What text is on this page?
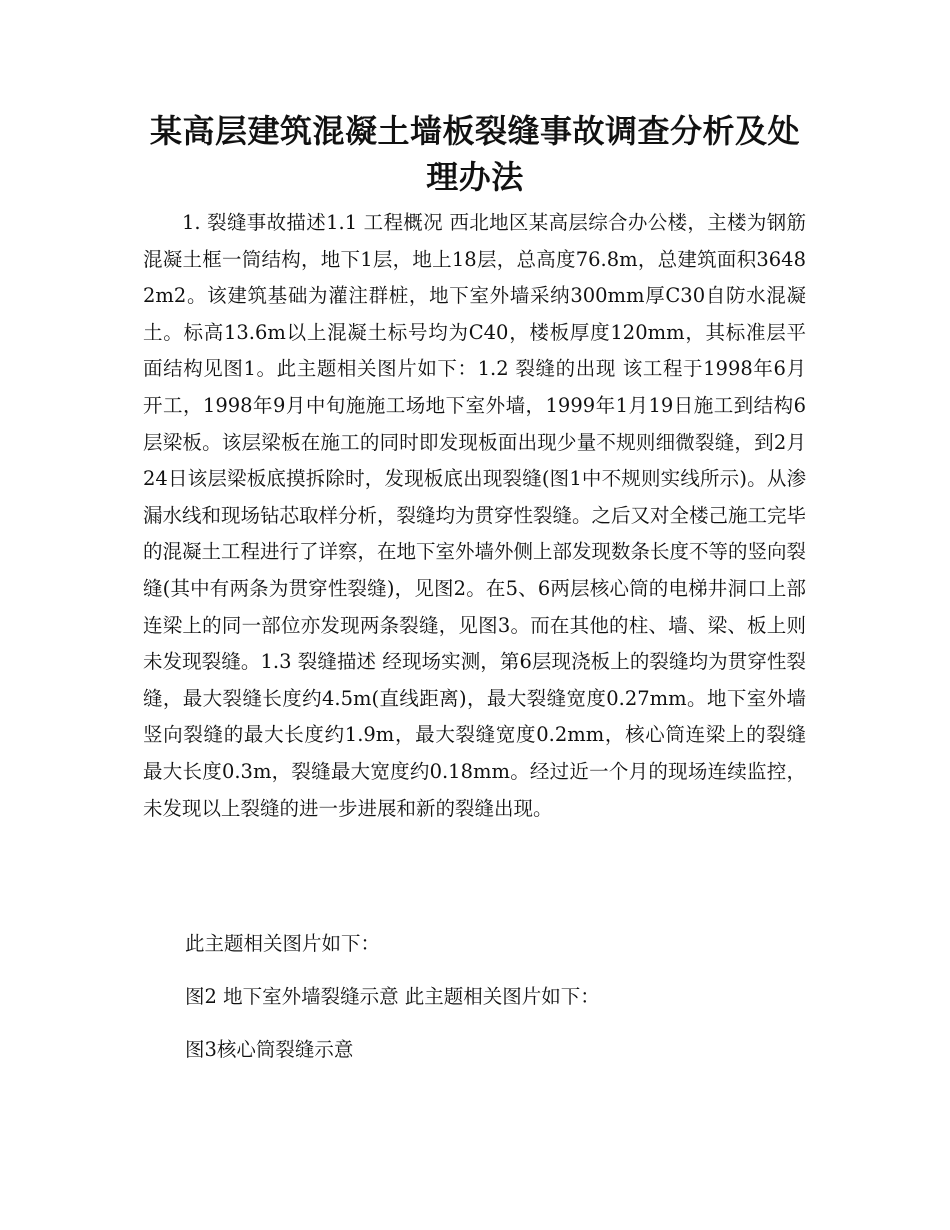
某高层建筑混凝土墙板裂缝事故调查分析及处理办法

1. 裂缝事故描述1.1 工程概况 西北地区某高层综合办公楼，主楼为钢筋混凝土框一筒结构，地下1层，地上18层，总高度76.8m，总建筑面积36482m2。该建筑基础为灌注群桩，地下室外墙采纳300mm厚C30自防水混凝土。标高13.6m以上混凝土标号均为C40，楼板厚度120mm，其标准层平面结构见图1。此主题相关图片如下：1.2 裂缝的出现 该工程于1998年6月开工，1998年9月中旬施施工场地下室外墙，1999年1月19日施工到结构6层梁板。该层梁板在施工的同时即发现板面出现少量不规则细微裂缝，到2月24日该层梁板底摸拆除时，发现板底出现裂缝(图1中不规则实线所示)。从渗漏水线和现场钻芯取样分析，裂缝均为贯穿性裂缝。之后又对全楼己施工完毕的混凝土工程进行了详察，在地下室外墙外侧上部发现数条长度不等的竖向裂缝(其中有两条为贯穿性裂缝)，见图2。在5、6两层核心筒的电梯井洞口上部连梁上的同一部位亦发现两条裂缝，见图3。而在其他的柱、墙、梁、板上则未发现裂缝。1.3 裂缝描述 经现场实测，第6层现浇板上的裂缝均为贯穿性裂缝，最大裂缝长度约4.5m(直线距离)，最大裂缝宽度0.27mm。地下室外墙竖向裂缝的最大长度约1.9m，最大裂缝宽度0.2mm，核心筒连梁上的裂缝最大长度0.3m，裂缝最大宽度约0.18mm。经过近一个月的现场连续监控，未发现以上裂缝的进一步进展和新的裂缝出现。

此主题相关图片如下：

图2 地下室外墙裂缝示意 此主题相关图片如下：

图3核心筒裂缝示意
